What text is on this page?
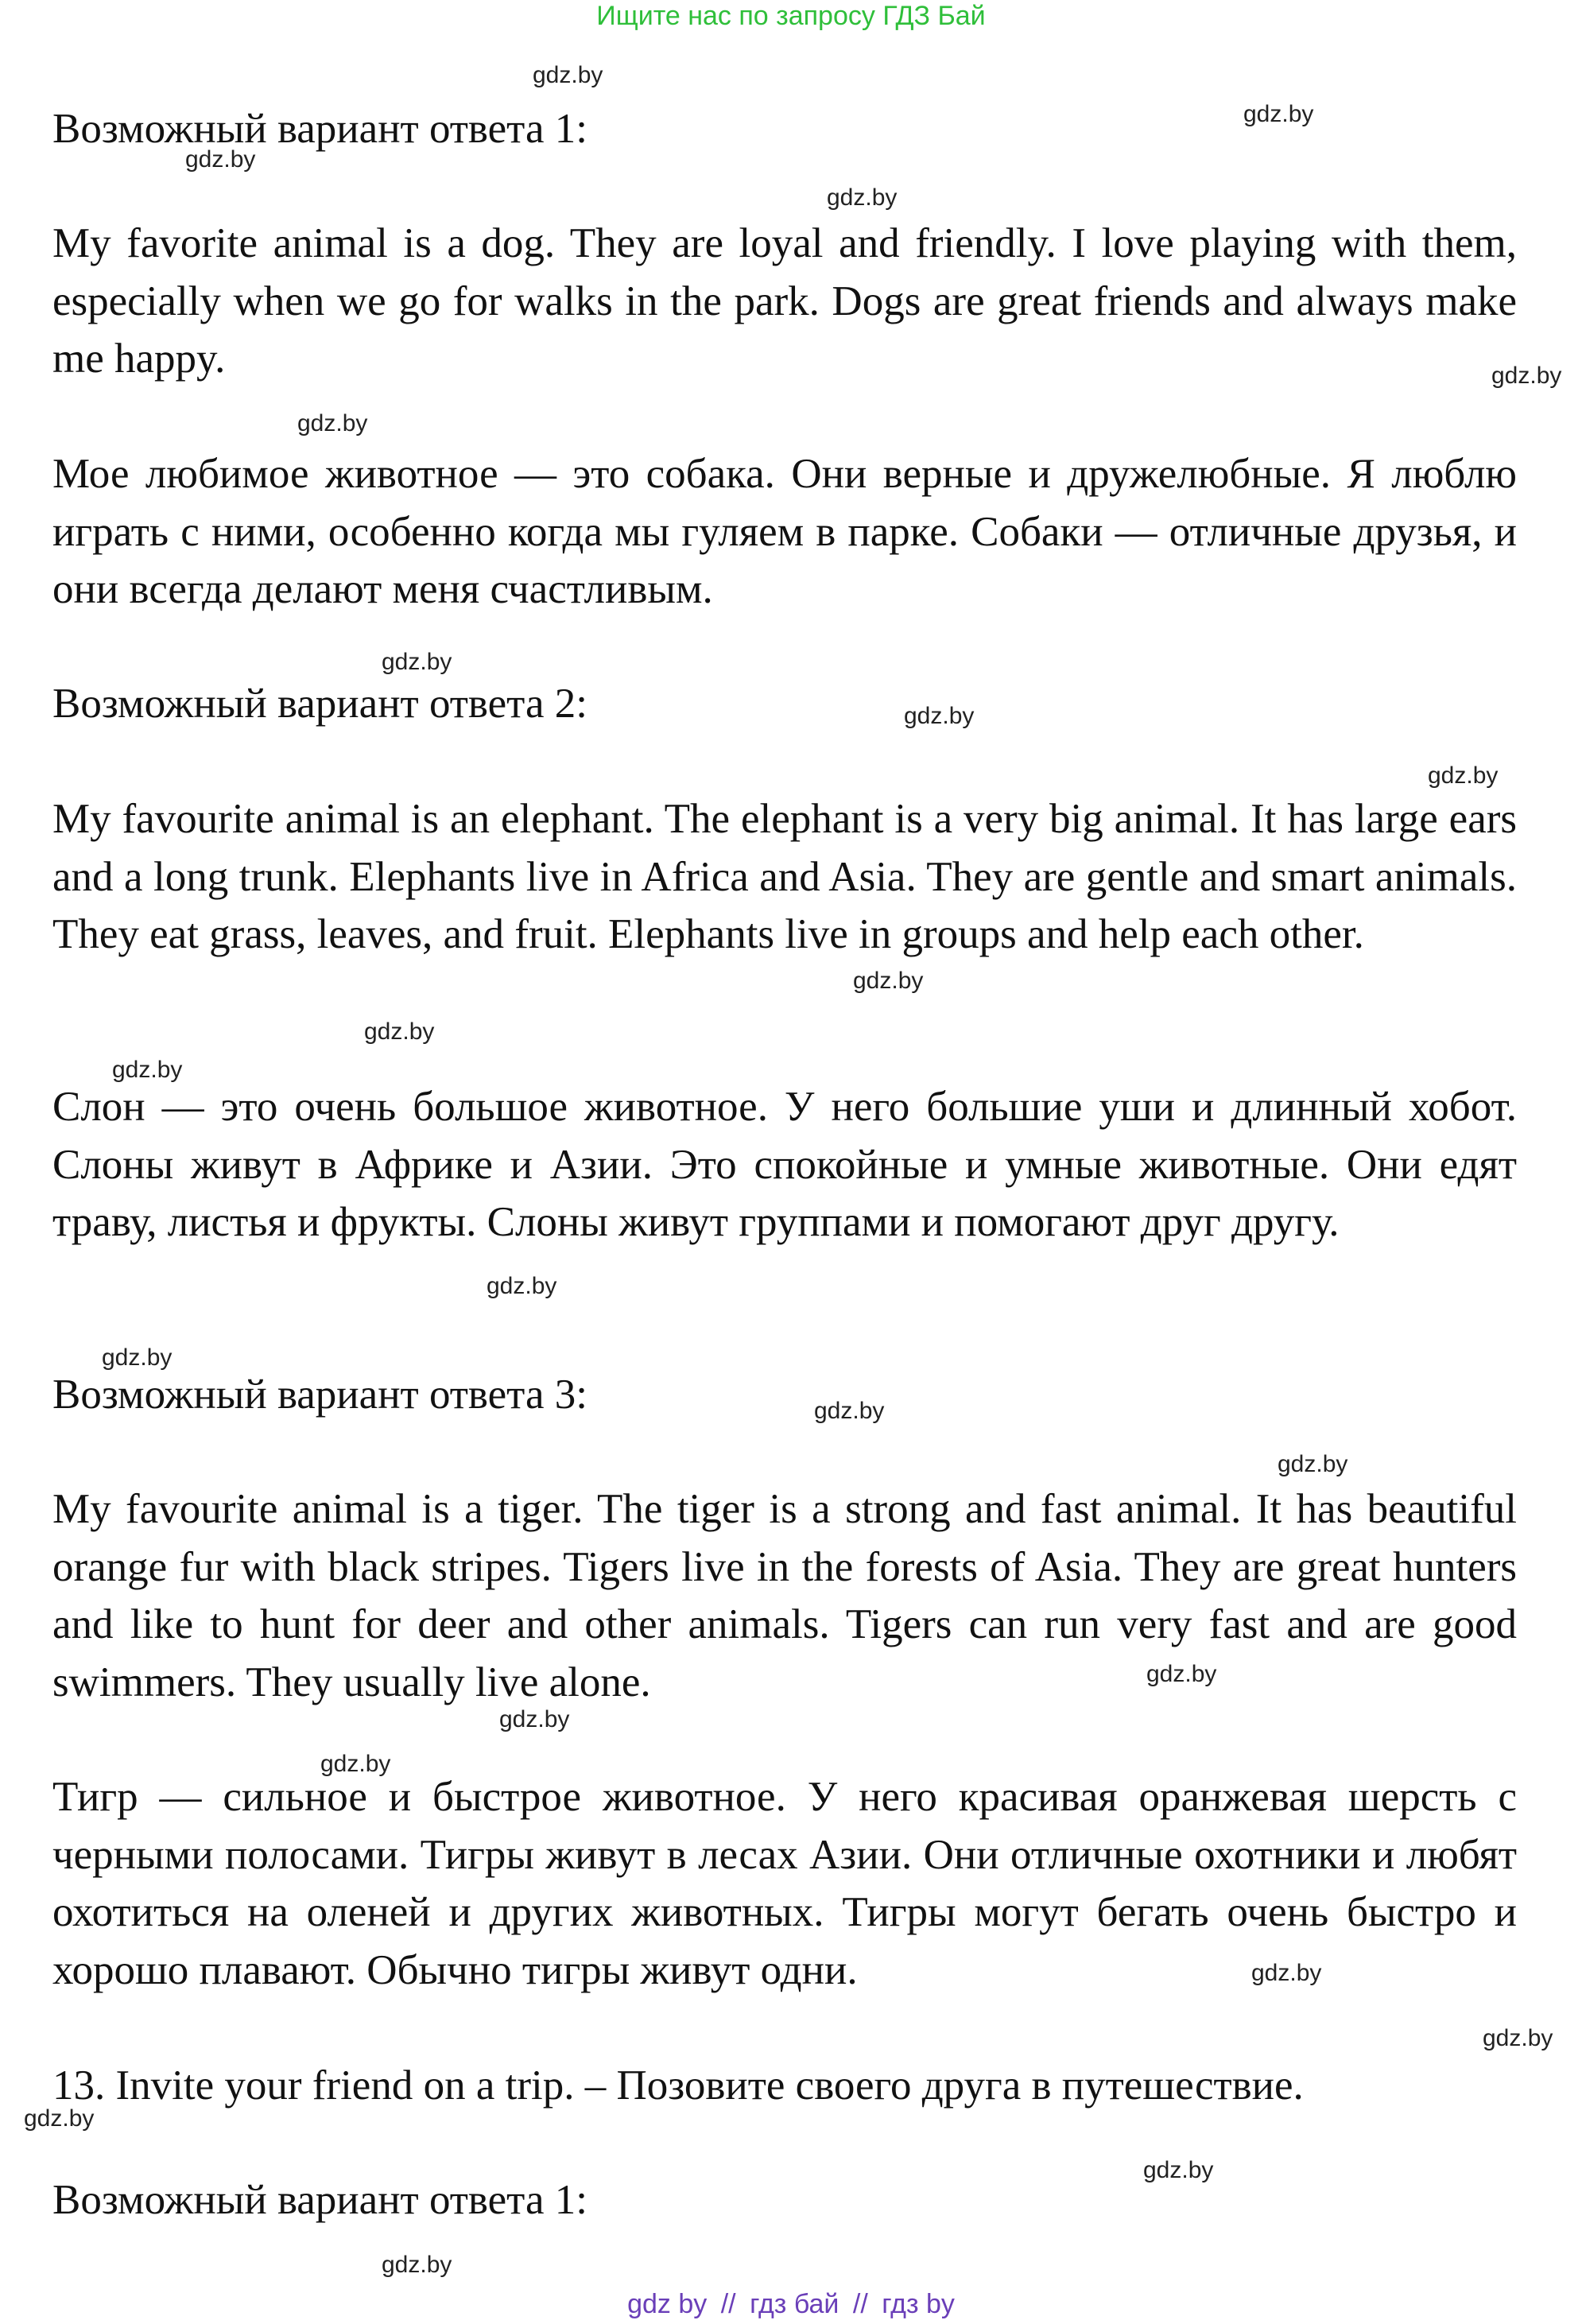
Ищите нас по запросу ГДЗ Бай
gdz.by
gdz.by
gdz.by
gdz.by
gdz.by
gdz.by
gdz.by
gdz.by
gdz.by
gdz.by
gdz.by
gdz.by
gdz.by
gdz.by
gdz.by
gdz.by
gdz.by
gdz.by
gdz.by
gdz.by
gdz.by
gdz.by
gdz.by
gdz.by
Возможный вариант ответа 1:

My favorite animal is a dog. They are loyal and friendly. I love playing with them, especially when we go for walks in the park. Dogs are great friends and always make me happy.

Мое любимое животное — это собака. Они верные и дружелюбные. Я люблю играть с ними, особенно когда мы гуляем в парке. Собаки — отличные друзья, и они всегда делают меня счастливым.

Возможный вариант ответа 2:

My favourite animal is an elephant. The elephant is a very big animal. It has large ears and a long trunk. Elephants live in Africa and Asia. They are gentle and smart animals. They eat grass, leaves, and fruit. Elephants live in groups and help each other.

Слон — это очень большое животное. У него большие уши и длинный хобот. Слоны живут в Африке и Азии. Это спокойные и умные животные. Они едят траву, листья и фрукты. Слоны живут группами и помогают друг другу.

Возможный вариант ответа 3:

My favourite animal is a tiger. The tiger is a strong and fast animal. It has beautiful orange fur with black stripes. Tigers live in the forests of Asia. They are great hunters and like to hunt for deer and other animals. Tigers can run very fast and are good swimmers. They usually live alone.

Тигр — сильное и быстрое животное. У него красивая оранжевая шерсть с черными полосами. Тигры живут в лесах Азии. Они отличные охотники и любят охотиться на оленей и других животных. Тигры могут бегать очень быстро и хорошо плавают. Обычно тигры живут одни.

13. Invite your friend on a trip. – Позовите своего друга в путешествие.
Возможный вариант ответа 1:
gdz by // гдз бай // гдз by
